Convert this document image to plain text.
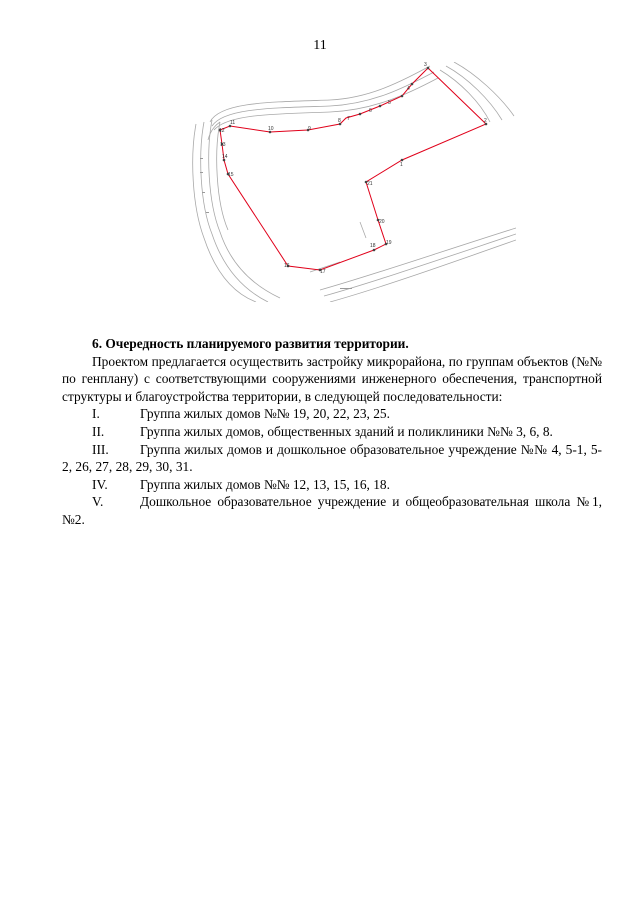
11
3
2
1
21
20
19
18
17
16
15
14
13
12
11
10	9
8 7
6
5
4

6. Очередность планируемого развития территории.

Проектом предлагается осуществить застройку микрорайона, по группам объектов (№№ по генплану) с соответствующими сооружениями инженерного обеспечения, транспортной структуры и благоустройства территории, в следующей последовательности:

I.	Группа жилых домов №№ 19, 20, 22, 23, 25.

II.	Группа жилых домов, общественных зданий и поликлиники №№ 3, 6, 8.

III. Группа жилых домов и дошкольное образовательное учреждение №№ 4, 5-1, 5-2, 26, 27, 28, 29, 30, 31.

IV. Группа жилых домов №№ 12, 13, 15, 16, 18.

V.	Дошкольное образовательное учреждение и общеобразовательная школа №1, №2.
